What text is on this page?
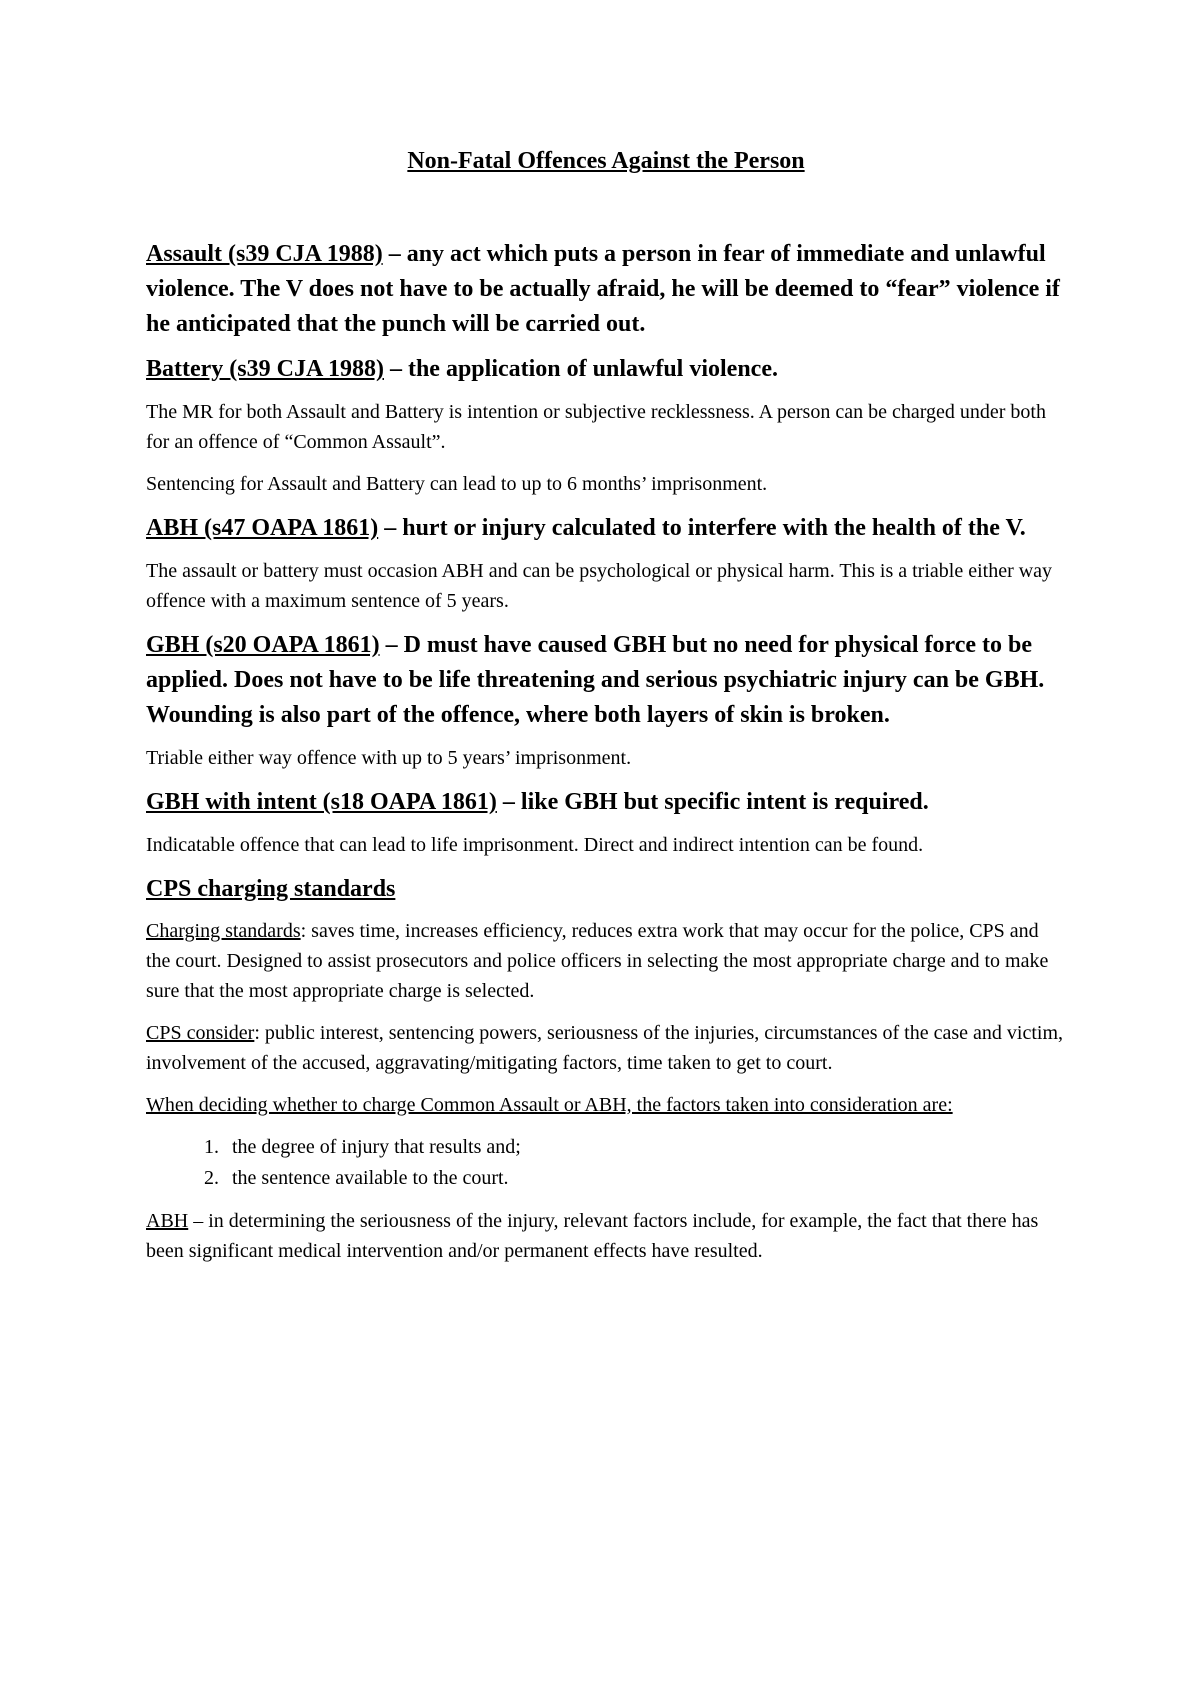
Non-Fatal Offences Against the Person

Assault (s39 CJA 1988) – any act which puts a person in fear of immediate and unlawful violence. The V does not have to be actually afraid, he will be deemed to “fear” violence if he anticipated that the punch will be carried out.

Battery (s39 CJA 1988) – the application of unlawful violence.

The MR for both Assault and Battery is intention or subjective recklessness. A person can be charged under both for an offence of “Common Assault”.

Sentencing for Assault and Battery can lead to up to 6 months’ imprisonment.

ABH (s47 OAPA 1861) – hurt or injury calculated to interfere with the health of the V.

The assault or battery must occasion ABH and can be psychological or physical harm. This is a triable either way offence with a maximum sentence of 5 years.

GBH (s20 OAPA 1861) – D must have caused GBH but no need for physical force to be applied. Does not have to be life threatening and serious psychiatric injury can be GBH. Wounding is also part of the offence, where both layers of skin is broken.

Triable either way offence with up to 5 years’ imprisonment.

GBH with intent (s18 OAPA 1861) – like GBH but specific intent is required.

Indicatable offence that can lead to life imprisonment. Direct and indirect intention can be found.

CPS charging standards

Charging standards: saves time, increases efficiency, reduces extra work that may occur for the police, CPS and the court. Designed to assist prosecutors and police officers in selecting the most appropriate charge and to make sure that the most appropriate charge is selected.

CPS consider: public interest, sentencing powers, seriousness of the injuries, circumstances of the case and victim, involvement of the accused, aggravating/mitigating factors, time taken to get to court.

When deciding whether to charge Common Assault or ABH, the factors taken into consideration are:

1. the degree of injury that results and;
2. the sentence available to the court.

ABH – in determining the seriousness of the injury, relevant factors include, for example, the fact that there has been significant medical intervention and/or permanent effects have resulted.
